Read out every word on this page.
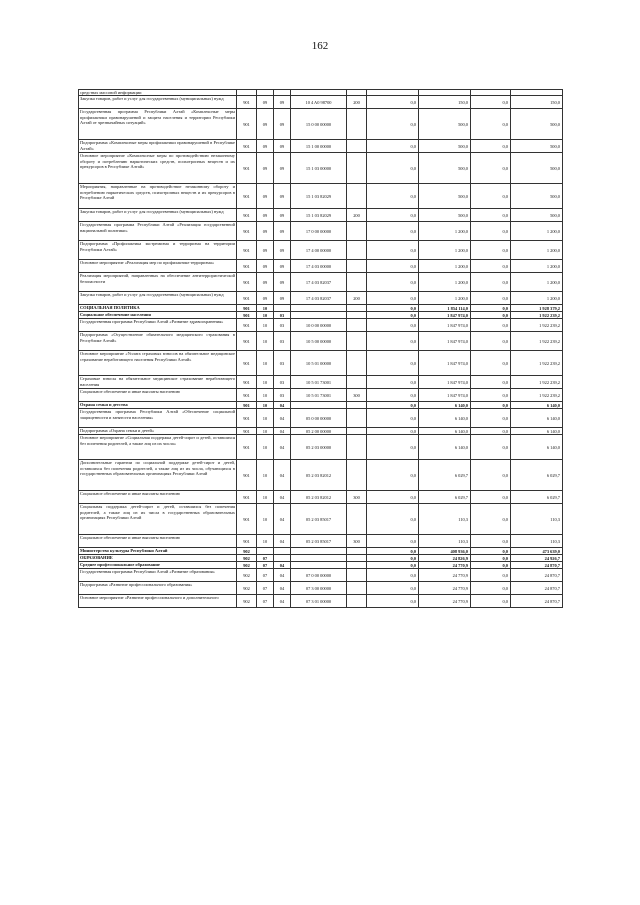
162
средствах массовой информации									
Закупка товаров, работ и услуг для государственных (муниципальных) нужд	901	09	09	10 4 A0 98700	200	0,0	150,0	0,0	150,0
Государственная программа Республики Алтай «Комплексные меры профилактики правонарушений и защита населения и территории Республики Алтай от чрезвычайных ситуаций»	901	09	09	15 0 00 00000		0,0	500,0	0,0	500,0
Подпрограмма «Комплексные меры профилактики правонарушений в Республике Алтай»	901	09	09	15 1 00 00000		0,0	500,0	0,0	500,0
Основное мероприятие «Комплексные меры по противодействию незаконному обороту и потреблению наркотических средств, психотропных веществ и их прекурсоров в Республике Алтай»	901	09	09	15 1 03 00000		0,0	500,0	0,0	500,0
Мероприятия, направленные на противодействие незаконному обороту и потреблению наркотических средств, психотропных веществ и их прекурсоров в Республике Алтай	901	09	09	15 1 03 82029		0,0	500,0	0,0	500,0
Закупка товаров, работ и услуг для государственных (муниципальных) нужд	901	09	09	15 1 03 82029	200	0,0	500,0	0,0	500,0
Государственная программа Республики Алтай «Реализация государственной национальной политики»	901	09	09	17 0 00 00000		0,0	1 200,0	0,0	1 200,0
Подпрограмма «Профилактика экстремизма и терроризма на территории Республики Алтай»	901	09	09	17 4 00 00000		0,0	1 200,0	0,0	1 200,0
Основное мероприятие «Реализация мер по профилактике терроризма»	901	09	09	17 4 03 00000		0,0	1 200,0	0,0	1 200,0
Реализация мероприятий, направленных на обеспечение антитеррористической безопасности	901	09	09	17 4 03 82037		0,0	1 200,0	0,0	1 200,0
Закупка товаров, работ и услуг для государственных (муниципальных) нужд	901	09	09	17 4 03 82037	200	0,0	1 200,0	0,0	1 200,0
СОЦИАЛЬНАЯ ПОЛИТИКА	901	10				0,0	1 854 114,0	0,0	1 928 379,2
Социальное обеспечение населения	901	10	03			0,0	1 847 974,0	0,0	1 922 239,2
Государственная программа Республики Алтай «Развитие здравоохранения»	901	10	03	10 0 00 00000		0,0	1 847 974,0	0,0	1 922 239,2
Подпрограмма «Осуществление обязательного медицинского страхования в Республике Алтай»	901	10	03	10 5 00 00000		0,0	1 847 974,0	0,0	1 922 239,2
Основное мероприятие «Уплата страховых взносов на обязательное медицинское страхование неработающего населения Республики Алтай»	901	10	03	10 5 01 00000		0,0	1 847 974,0	0,0	1 922 239,2
Страховые взносы на обязательное медицинское страхование неработающего населения	901	10	03	10 5 01 73001		0,0	1 847 974,0	0,0	1 922 239,2
Социальное обеспечение и иные выплаты населению	901	10	03	10 5 01 73001	300	0,0	1 847 974,0	0,0	1 922 239,2
Охрана семьи и детства	901	10	04			0,0	6 140,0	0,0	6 140,0
Государственная программа Республики Алтай «Обеспечение социальной защищенности и занятости населения»	901	10	04	05 0 00 00000		0,0	6 140,0	0,0	6 140,0
Подпрограмма «Охрана семьи и детей»	901	10	04	05 2 00 00000		0,0	6 140,0	0,0	6 140,0
Основное мероприятие «Социальная поддержка детей-сирот и детей, оставшихся без попечения родителей, а также лиц из их числа»	901	10	04	05 2 03 00000		0,0	6 140,0	0,0	6 140,0
Дополнительные гарантии по социальной поддержке детей-сирот и детей, оставшихся без попечения родителей, а также лиц из их числа, обучающихся в государственных образовательных организациях Республики Алтай	901	10	04	05 2 03 82012		0,0	6 029,7	0,0	6 029,7
Социальное обеспечение и иные выплаты населению	901	10	04	05 2 03 82012	300	0,0	6 029,7	0,0	6 029,7
Социальная поддержка детей-сирот и детей, оставшихся без попечения родителей, а также лиц из их числа в государственных образовательных организациях Республики Алтай	901	10	04	05 2 03 85017		0,0	110,3	0,0	110,3
Социальное обеспечение и иные выплаты населению	901	10	04	05 2 03 85017	300	0,0	110,3	0,0	110,3
Министерство культуры Республики Алтай	902					0,0	408 936,0	0,0	473 639,0
ОБРАЗОВАНИЕ	902	07				0,0	24 826,9	0,0	24 926,7
Среднее профессиональное образование	902	07	04			0,0	24 770,9	0,0	24 870,7
Государственная программа Республики Алтай «Развитие образования»	902	07	04	07 0 00 00000		0,0	24 770,9	0,0	24 870,7
Подпрограмма «Развитие профессионального образования»	902	07	04	07 3 00 00000		0,0	24 770,9	0,0	24 870,7
Основное мероприятие «Развитие профессионального и дополнительного	902	07	04	07 3 01 00000		0,0	24 770,9	0,0	24 870,7
